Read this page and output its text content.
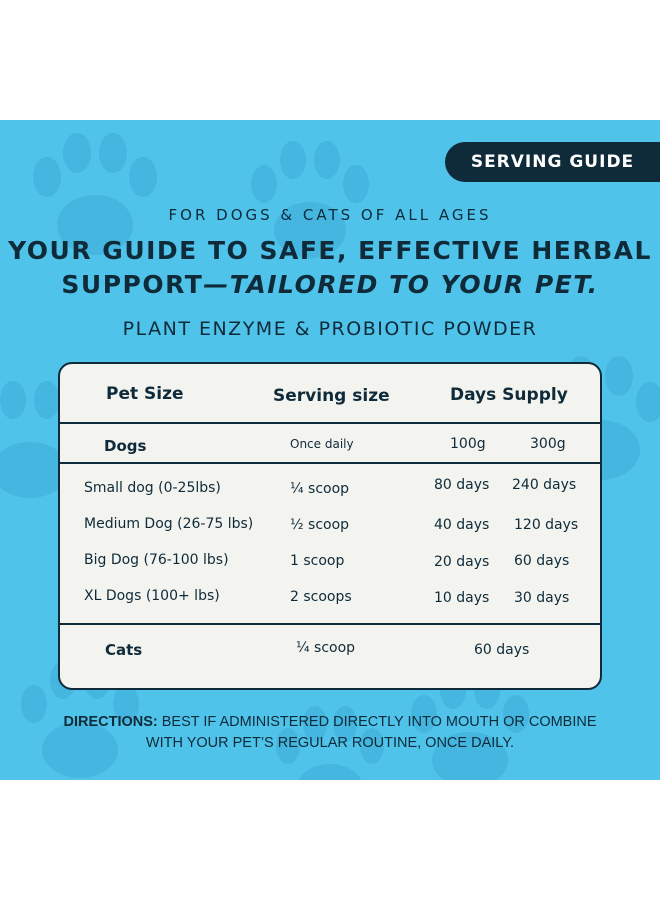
SERVING GUIDE
FOR DOGS & CATS OF ALL AGES
YOUR GUIDE TO SAFE, EFFECTIVE HERBAL
SUPPORT—TAILORED TO YOUR PET.
PLANT ENZYME & PROBIOTIC POWDER
Pet Size	Serving size	Days Supply
Dogs	Once daily	100g	300g
Small dog (0-25lbs)	¼ scoop	80 days 240 days
Medium Dog (26-75 lbs)	½ scoop	40 days 120 days
Big Dog (76-100 lbs)	1 scoop	20 days 60 days
XL Dogs (100+ lbs)	2 scoops	10 days 30 days
Cats	¼ scoop	60 days
DIRECTIONS: BEST IF ADMINISTERED DIRECTLY INTO MOUTH OR COMBINE
WITH YOUR PET’S REGULAR ROUTINE, ONCE DAILY.
